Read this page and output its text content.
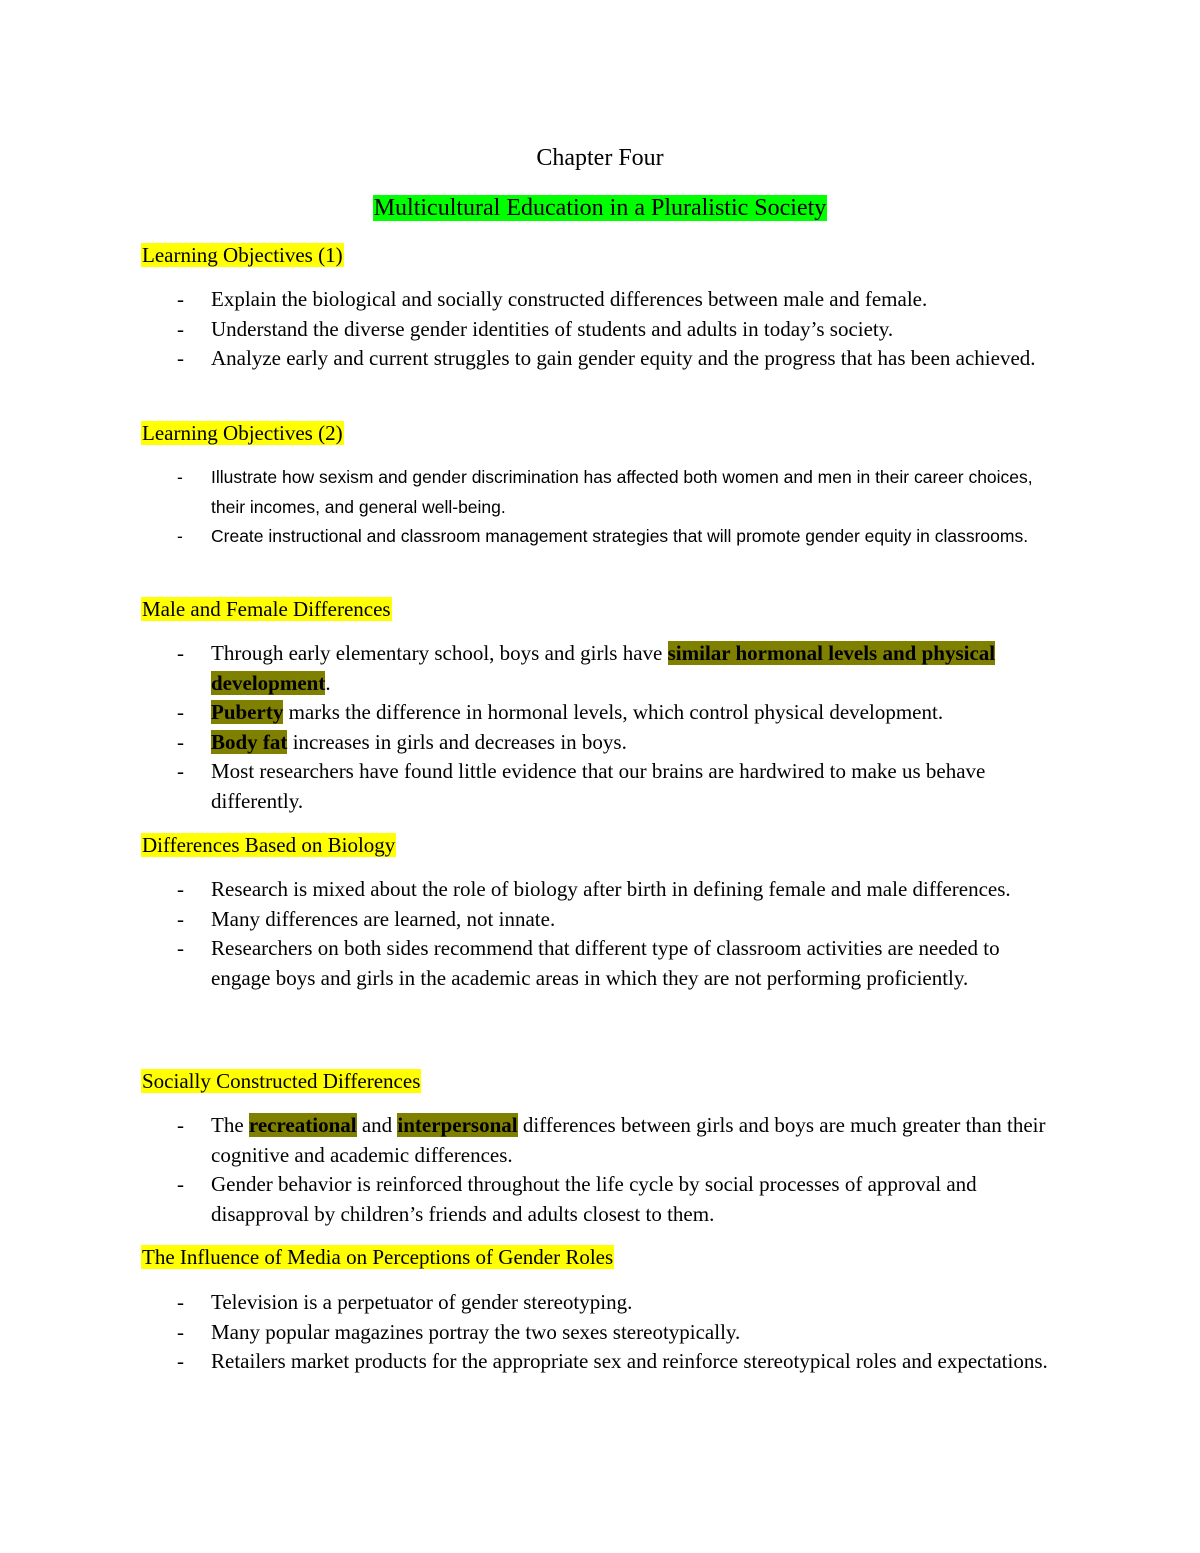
Chapter Four
Multicultural Education in a Pluralistic Society
Learning Objectives (1)
- Explain the biological and socially constructed differences between male and female.
- Understand the diverse gender identities of students and adults in today’s society.
- Analyze early and current struggles to gain gender equity and the progress that has been achieved.
Learning Objectives (2)
- Illustrate how sexism and gender discrimination has affected both women and men in their career choices, their incomes, and general well-being.
- Create instructional and classroom management strategies that will promote gender equity in classrooms.
Male and Female Differences
- Through early elementary school, boys and girls have similar hormonal levels and physical development.
- Puberty marks the difference in hormonal levels, which control physical development.
- Body fat increases in girls and decreases in boys.
- Most researchers have found little evidence that our brains are hardwired to make us behave differently.
Differences Based on Biology
- Research is mixed about the role of biology after birth in defining female and male differences.
- Many differences are learned, not innate.
- Researchers on both sides recommend that different type of classroom activities are needed to engage boys and girls in the academic areas in which they are not performing proficiently.
Socially Constructed Differences
- The recreational and interpersonal differences between girls and boys are much greater than their cognitive and academic differences.
- Gender behavior is reinforced throughout the life cycle by social processes of approval and disapproval by children’s friends and adults closest to them.
The Influence of Media on Perceptions of Gender Roles
- Television is a perpetuator of gender stereotyping.
- Many popular magazines portray the two sexes stereotypically.
- Retailers market products for the appropriate sex and reinforce stereotypical roles and expectations.
